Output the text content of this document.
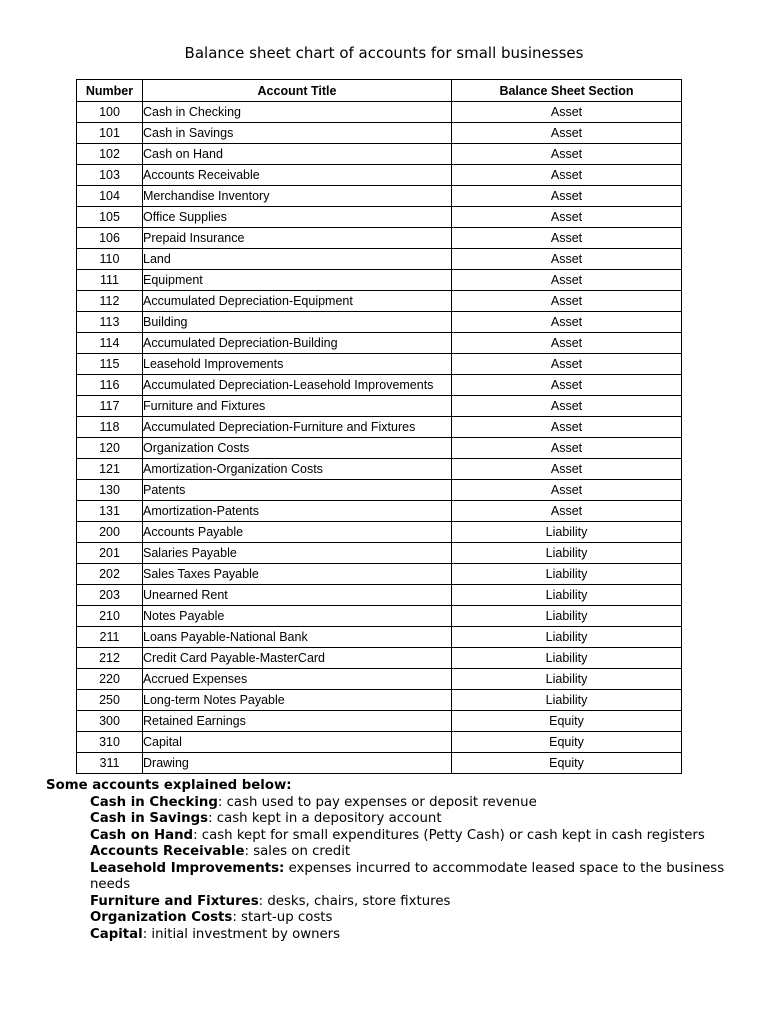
Balance sheet chart of accounts for small businesses
Number	Account Title	Balance Sheet Section
100	Cash in Checking	Asset
101	Cash in Savings	Asset
102	Cash on Hand	Asset
103	Accounts Receivable	Asset
104	Merchandise Inventory	Asset
105	Office Supplies	Asset
106	Prepaid Insurance	Asset
110	Land	Asset
111	Equipment	Asset
112	Accumulated Depreciation-Equipment	Asset
113	Building	Asset
114	Accumulated Depreciation-Building	Asset
115	Leasehold Improvements	Asset
116	Accumulated Depreciation-Leasehold Improvements	Asset
117	Furniture and Fixtures	Asset
118	Accumulated Depreciation-Furniture and Fixtures	Asset
120	Organization Costs	Asset
121	Amortization-Organization Costs	Asset
130	Patents	Asset
131	Amortization-Patents	Asset
200	Accounts Payable	Liability
201	Salaries Payable	Liability
202	Sales Taxes Payable	Liability
203	Unearned Rent	Liability
210	Notes Payable	Liability
211	Loans Payable-National Bank	Liability
212	Credit Card Payable-MasterCard	Liability
220	Accrued Expenses	Liability
250	Long-term Notes Payable	Liability
300	Retained Earnings	Equity
310	Capital	Equity
311	Drawing	Equity
Some accounts explained below:
Cash in Checking: cash used to pay expenses or deposit revenue
Cash in Savings: cash kept in a depository account
Cash on Hand: cash kept for small expenditures (Petty Cash) or cash kept in cash registers
Accounts Receivable: sales on credit
Leasehold Improvements: expenses incurred to accommodate leased space to the business needs
Furniture and Fixtures: desks, chairs, store fixtures
Organization Costs: start-up costs
Capital: initial investment by owners
